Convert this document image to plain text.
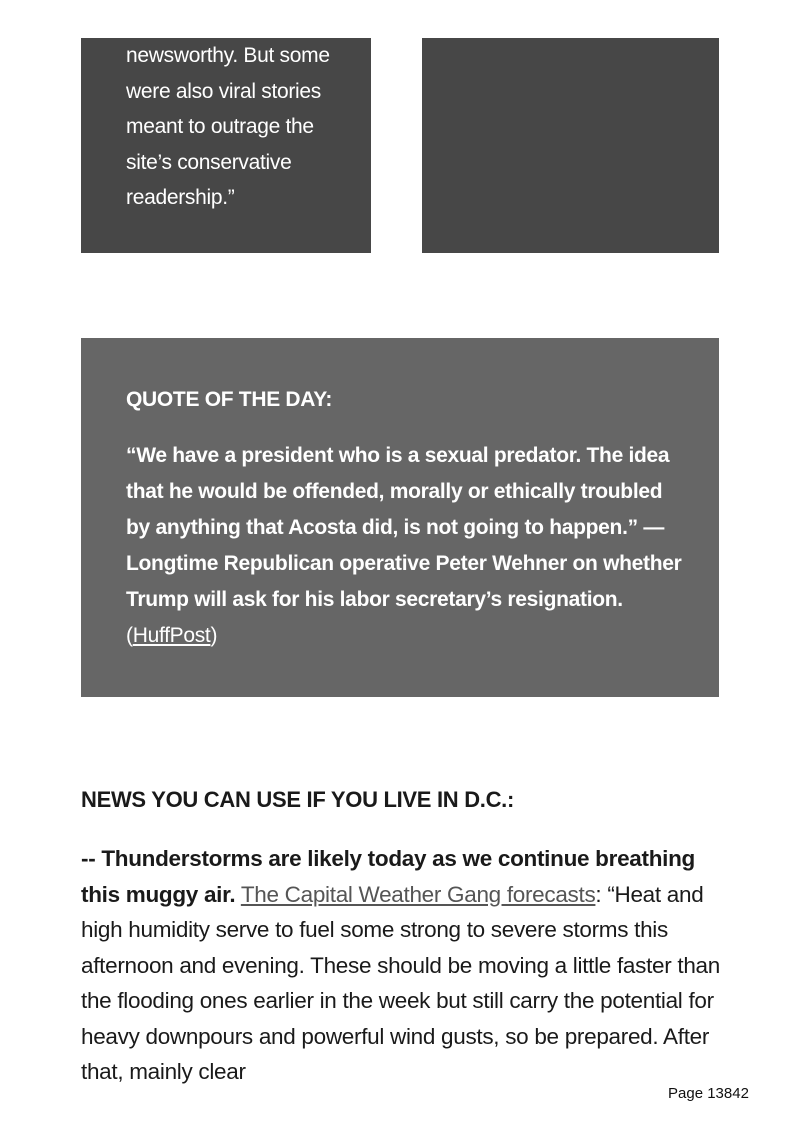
newsworthy. But some

were also viral stories

meant to outrage the

site’s conservative

readership.”

QUOTE OF THE DAY:

“We have a president who is a sexual predator. The idea that he would be offended, morally or ethically troubled by anything that Acosta did, is not going to happen.” — Longtime Republican operative Peter Wehner on whether Trump will ask for his labor secretary’s resignation. (HuffPost)

NEWS YOU CAN USE IF YOU LIVE IN D.C.:

-- Thunderstorms are likely today as we continue breathing this muggy air. The Capital Weather Gang forecasts: “Heat and high humidity serve to fuel some strong to severe storms this afternoon and evening. These should be moving a little faster than the flooding ones earlier in the week but still carry the potential for heavy downpours and powerful wind gusts, so be prepared. After that, mainly clear

Page 13842
